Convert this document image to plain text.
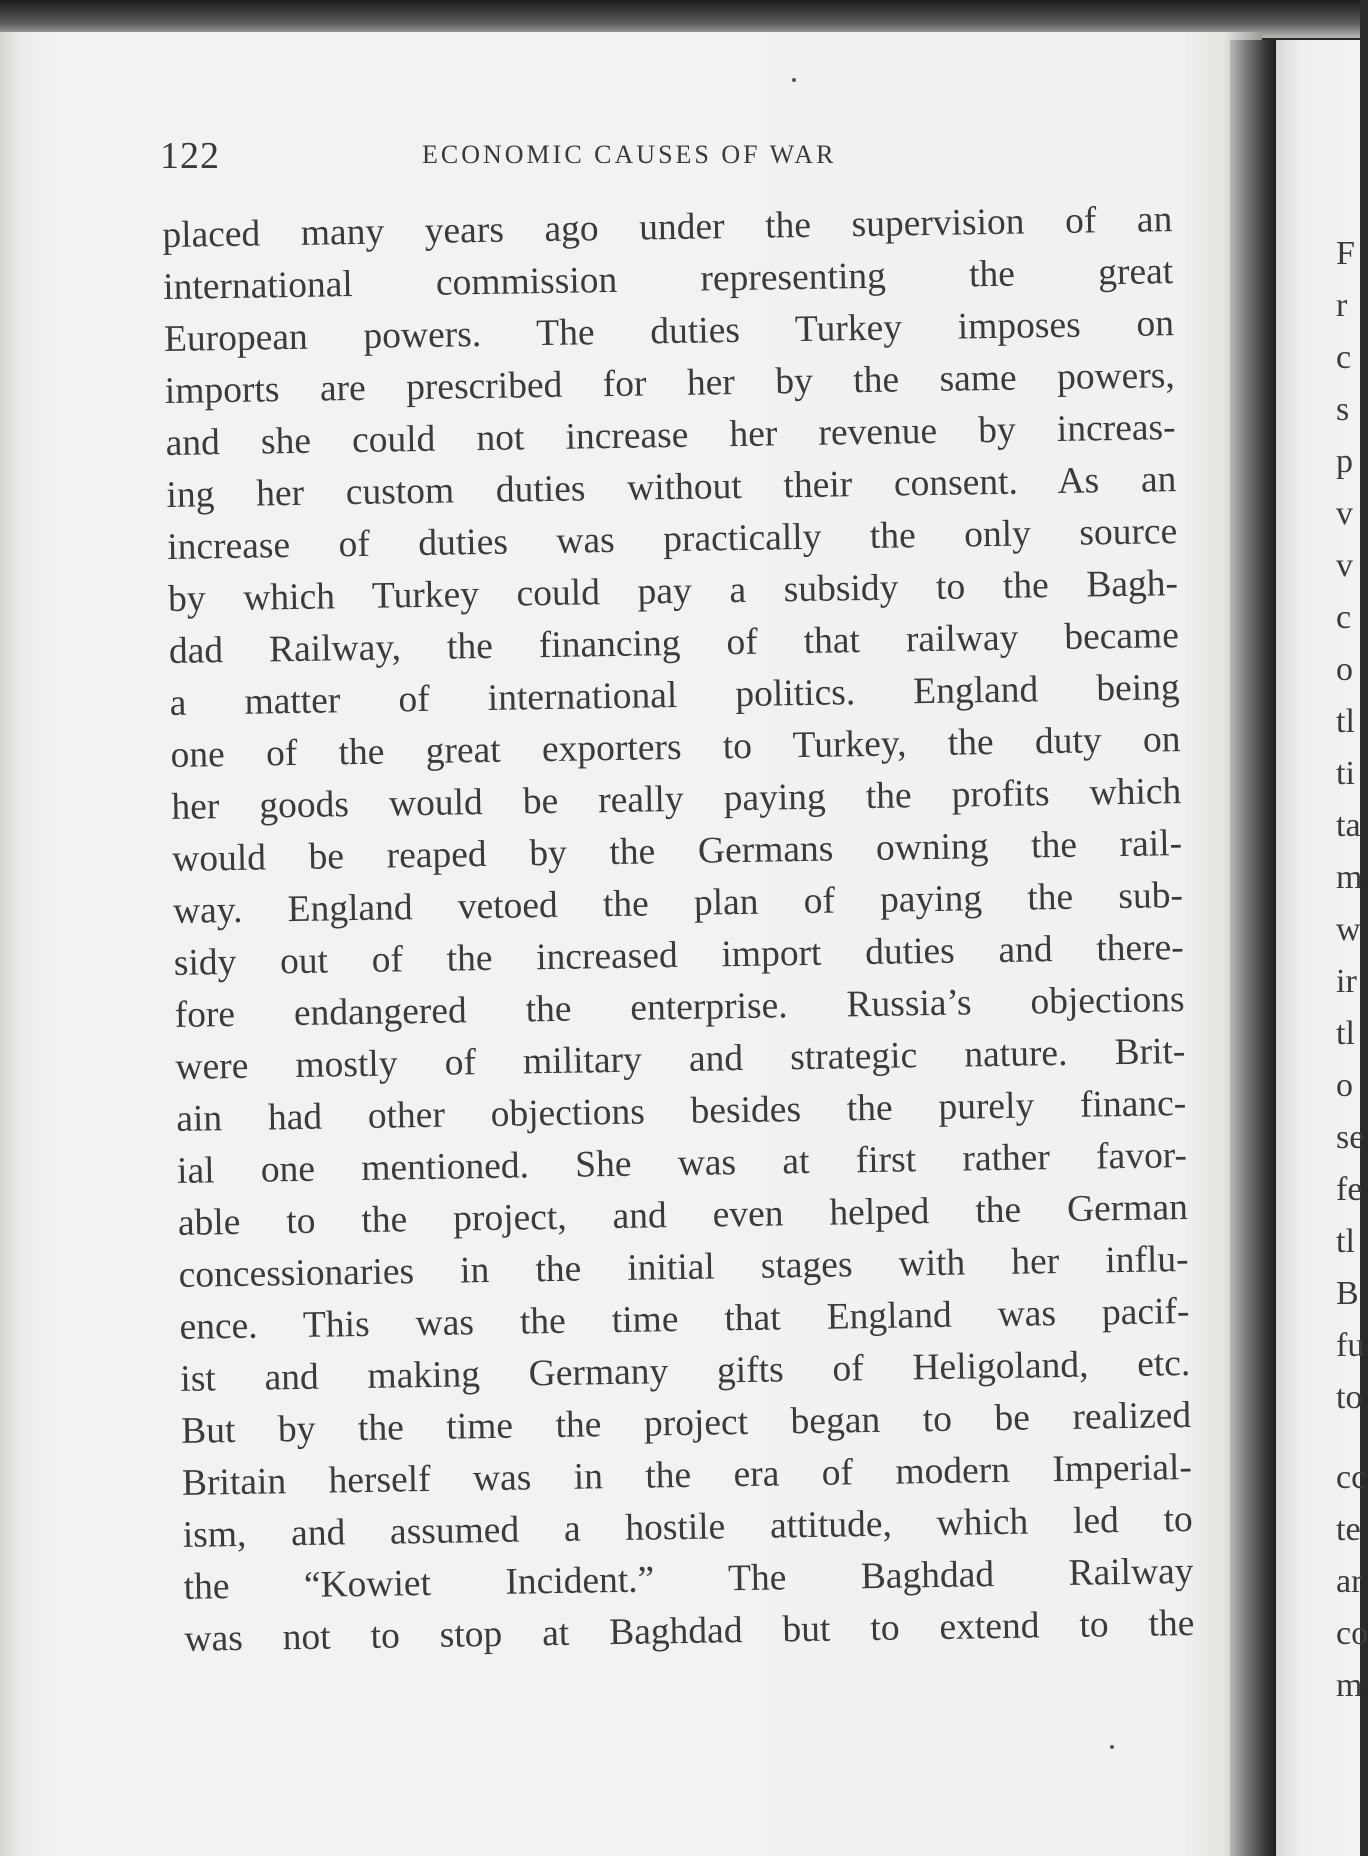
122	ECONOMIC CAUSES OF WAR
placed many years ago under the supervision of an
international commission representing the great
European powers. The duties Turkey imposes on
imports are prescribed for her by the same powers,
and she could not increase her revenue by increas-
ing her custom duties without their consent. As an
increase of duties was practically the only source
by which Turkey could pay a subsidy to the Bagh-
dad Railway, the financing of that railway became
a matter of international politics. England being
one of the great exporters to Turkey, the duty on
her goods would be really paying the profits which
would be reaped by the Germans owning the rail-
way. England vetoed the plan of paying the sub-
sidy out of the increased import duties and there-
fore endangered the enterprise. Russia’s objections
were mostly of military and strategic nature. Brit-
ain had other objections besides the purely financ-
ial one mentioned. She was at first rather favor-
able to the project, and even helped the German
concessionaries in the initial stages with her influ-
ence. This was the time that England was pacif-
ist and making Germany gifts of Heligoland, etc.
But by the time the project began to be realized
Britain herself was in the era of modern Imperial-
ism, and assumed a hostile attitude, which led to
the “Kowiet Incident.” The Baghdad Railway
was not to stop at Baghdad but to extend to the
F
r
c
s
p
v
v
c
o
tl
ti
ta
m
w
ir
tl
o
se
fe
tl
B
fu
to
cc
te
ar
co
m
